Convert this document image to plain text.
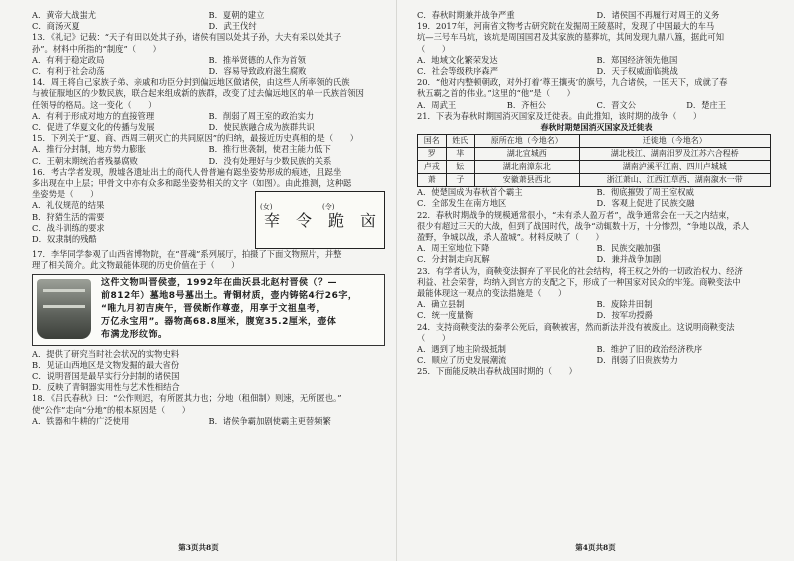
A．黄帝大战蚩尤	B．夏朝的建立
C．商汤灭夏	D．武王伐纣
13．《礼记》记载：“天子有田以处其子孙，诸侯有国以处其子孙，大夫有采以处其子
孙”。材料中所指的“制度”（　　）
A．有利于稳定政局	B．推举贤德的人作为首领
C．有利于社会动荡	D．容易导致政府滋生腐败
14．周王将自己家族子弟、亲戚和功臣分封到偏远地区做诸侯，由这些人所率领的氏族
与被征服地区的少数民族，联合起来组成新的族群，改变了过去偏远地区的单一氏族首领因
任领导的格局。这一变化（　　）
A．有利于形成对地方的直接管理	B．削弱了周王室的政治实力
C．促进了华夏文化的传播与发展	D．使民族融合成为族群共识
15．下列关于“夏、商、西周三朝灭亡的共同原因”的归纳，最接近历史真相的是（　　）
A．推行分封制，地方势力膨胀	B．推行世袭制，使君主能力低下
C．王朝末期统治者残暴腐败	D．没有处理好与少数民族的关系
16．考古学者发现，殷墟各遗址出土的商代人骨普遍有跽坐姿势形成的痕迹，且跽坐
多出现在中上层；甲骨文中亦有众多和跽坐姿势相关的文字（如图）。由此推测，这种跽
坐姿势是（　　）
A．礼仪规范的结果
B．狩猎生活的需要
C．战斗训练的要求
D．奴隶制的残酷
(女)	(令)
㚔 令 跪 㐫
17．李华同学参观了山西省博物院，在“晋魂”系列展厅，拍摄了下面文物照片，并整
理了相关简介。此文物最能体现的历史价值在于（　　）
这件文物叫晋侯壶，1992年在曲沃县北赵村晋侯（？—
前812年）墓地8号墓出土。青铜材质，壶内铸铭4行26字，
“唯九月初吉庚午，晋侯断作尊壶，用享于文祖皇考，
万亿永宝用”。器物高68.8厘米，腹宽35.2厘米，壶体
布满龙形纹饰。
A．提供了研究当时社会状况的实物史料
B．见证山西地区是文物发掘的最大省份
C．说明晋国是最早实行分封制的诸侯国
D．反映了青铜器实用性与艺术性相结合
18．《吕氏春秋》曰：“公作则迟，有所匿其力也；分地（租佃制）则速，无所匿也。”
使“公作”走向“分地”的根本原因是（　　）
A．铁器和牛耕的广泛使用	B．诸侯争霸加剧使霸主更替频繁
第3页共8页
C．春秋时期兼并战争严重	D．诸侯国不再履行对周王的义务
19．2017年，河南省文物考古研究院在发掘周王陵墓时，发现了中国最大的车马
坑—三号车马坑，该坑是周国国君及其家族的墓葬坑，其间发现九鼎八簋，据此可知
（　　）
A．地域文化繁荣发达	B．郑国经济领先他国
C．社会等级秩序森严	D．天子权威面临挑战
20．“他对内整顿朝政，对外打着‘尊王攘夷’的旗号，九合诸侯，一匡天下，成就了春
秋五霸之首的伟业。”这里的“他”是（　　）
A．周武王	B．齐桓公	C．晋文公	D．楚庄王
21．下表为春秋时期国消灭国家及迁徙表。由此推知，该时期的战争（　　）
春秋时期楚国消灭国家及迁徙表
国名	姓氏	原所在地（今地名）	迁徙地（今地名）
罗	芈	湖北宜城西	湖北枝江、湖南汨罗及江苏六合程桥
卢戎	妘	湖北南漳东北	湖南泸溪平江南、四川卢城城
萧	子	安徽萧县西北	浙江萧山、江西江草西、湖南溆水一带
A．使楚国成为春秋首个霸主	B．彻底摧毁了周王室权威
C．全部发生在南方地区	D．客观上促进了民族交融
22．春秋时期战争的规模通常很小，“未有杀人盈万者”，战争通常会在一天之内结束，
很少有超过三天的大战，但到了战国时代，战争“动辄数十万，十分惨烈，“争地以战，杀人
盈野，争城以战，杀人盈城”。材料反映了（　　）
A．周王室地位下降	B．民族交融加强
C．分封制走向瓦解	D．兼并战争加剧
23．有学者认为，商鞅变法摒弃了平民化的社会结构，将王权之外的一切政治权力、经济
利益、社会荣誉，均纳入到官方的支配之下，形成了一种国家对民众的牢笼。商鞅变法中
最能体现这一观点的变法措施是（　　）
A．确立县制	B．废除井田制
C．统一度量衡	D．按军功授爵
24．支持商鞅变法的秦孝公死后，商鞅被害，然而新法并没有被废止。这说明商鞅变法
（　　）
A．遇到了地主阶级抵制	B．维护了旧的政治经济秩序
C．顺应了历史发展潮流	D．削弱了旧贵族势力
25．下面能反映出春秋战国时期的（　　）
第4页共8页
